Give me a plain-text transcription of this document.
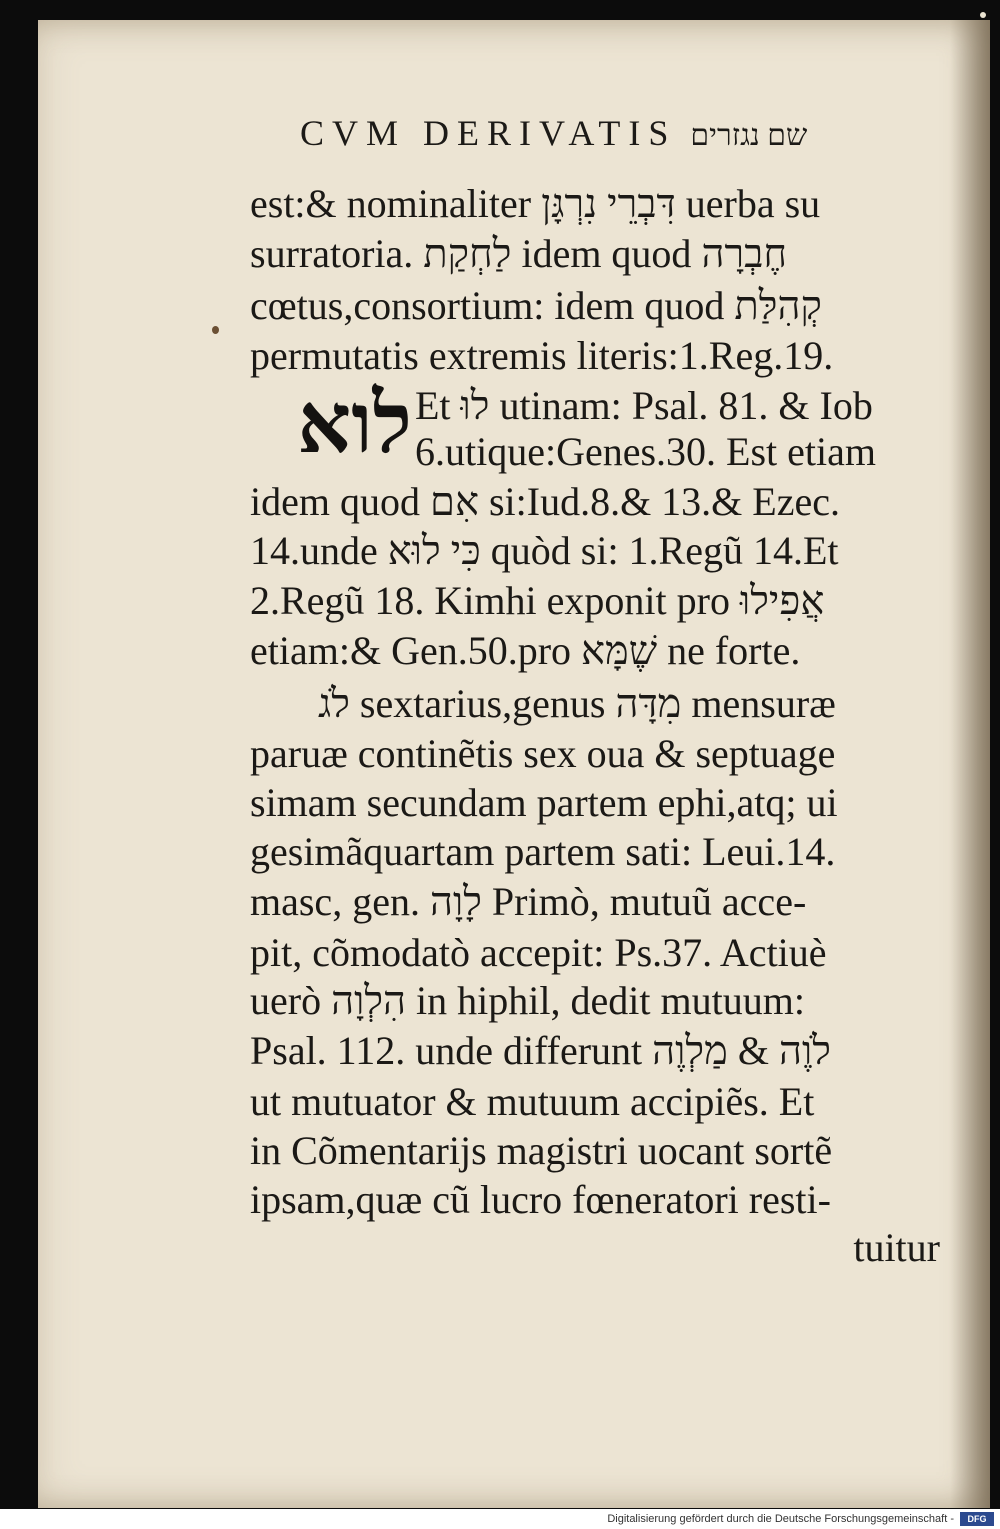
CVM DERIVATIS שם נגזרים
לוא
est:& nominaliter דִּבְרֵי נִרְגָּן uerba su
surratoria. לַחְקַת idem quod חֶבְרָה
cœtus,consortium: idem quod קְהִלַּת
permutatis extremis literis:1.Reg.19.
Et לוּ utinam: Psal. 81. & Iob
6.utique:Genes.30. Est etiam
idem quod אִם si:Iud.8.& 13.& Ezec.
14.unde כִּי לוּא quòd si: 1.Regũ 14.Et
2.Regũ 18. Kimhi exponit pro אֲפִילוּ
etiam:& Gen.50.pro שֶׁמָּא ne forte.
לֹג sextarius,genus מִדָּה mensuræ
paruæ continẽtis sex oua & septuage
simam secundam partem ephi,atq; ui
gesimãquartam partem sati: Leui.14.
masc, gen. לָוָה Primò, mutuũ acce-
pit, cõmodatò accepit: Ps.37. Actiuè
uerò הִלְוָה in hiphil, dedit mutuum:
Psal. 112. unde differunt לֹוֶה & מַלְוֶה
ut mutuator & mutuum accipiẽs. Et
in Cõmentarijs magistri uocant sortẽ
ipsam,quæ cũ lucro fœneratori resti-
tuitur
Digitalisierung gefördert durch die Deutsche Forschungsgemeinschaft -	DFG
